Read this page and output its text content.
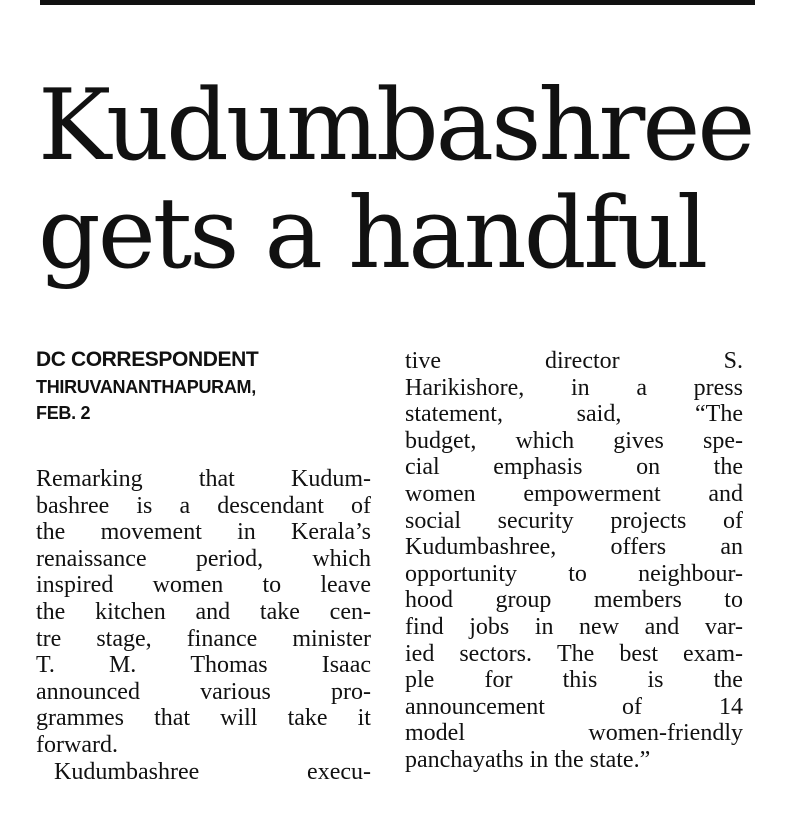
Kudumbashree
gets a handful
DC CORRESPONDENT
THIRUVANANTHAPURAM,
FEB. 2
Remarking that Kudum-
bashree is a descendant of
the movement in Kerala’s
renaissance period, which
inspired women to leave
the kitchen and take cen-
tre stage, finance minister
T. M. Thomas Isaac
announced	various	pro-
grammes that will take it
forward.
Kudumbashree	execu-
tive	director	S.
Harikishore, in a press
statement,	said,	“The
budget, which gives spe-
cial emphasis on the
women empowerment and
social security projects of
Kudumbashree, offers an
opportunity to neighbour-
hood group members to
find jobs in new and var-
ied sectors. The best exam-
ple for this is the
announcement	of	14
model	women-friendly
panchayaths in the state.”
